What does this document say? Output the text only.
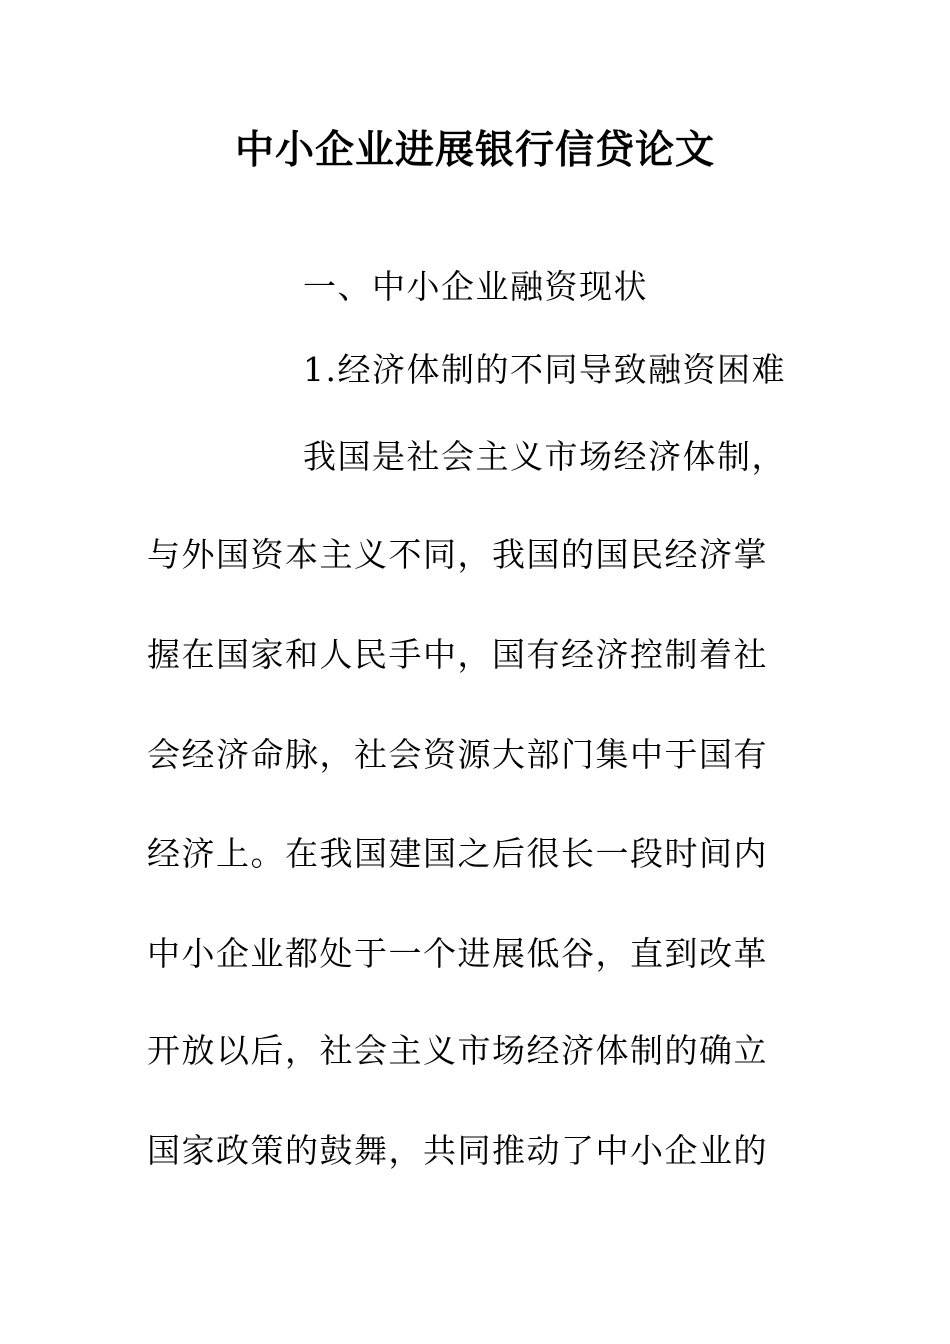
中小企业进展银行信贷论文
一、中小企业融资现状
1.经济体制的不同导致融资困难
我国是社会主义市场经济体制，
与外国资本主义不同，我国的国民经济掌
握在国家和人民手中，国有经济控制着社
会经济命脉，社会资源大部门集中于国有
经济上。在我国建国之后很长一段时间内
中小企业都处于一个进展低谷，直到改革
开放以后，社会主义市场经济体制的确立
国家政策的鼓舞，共同推动了中小企业的
